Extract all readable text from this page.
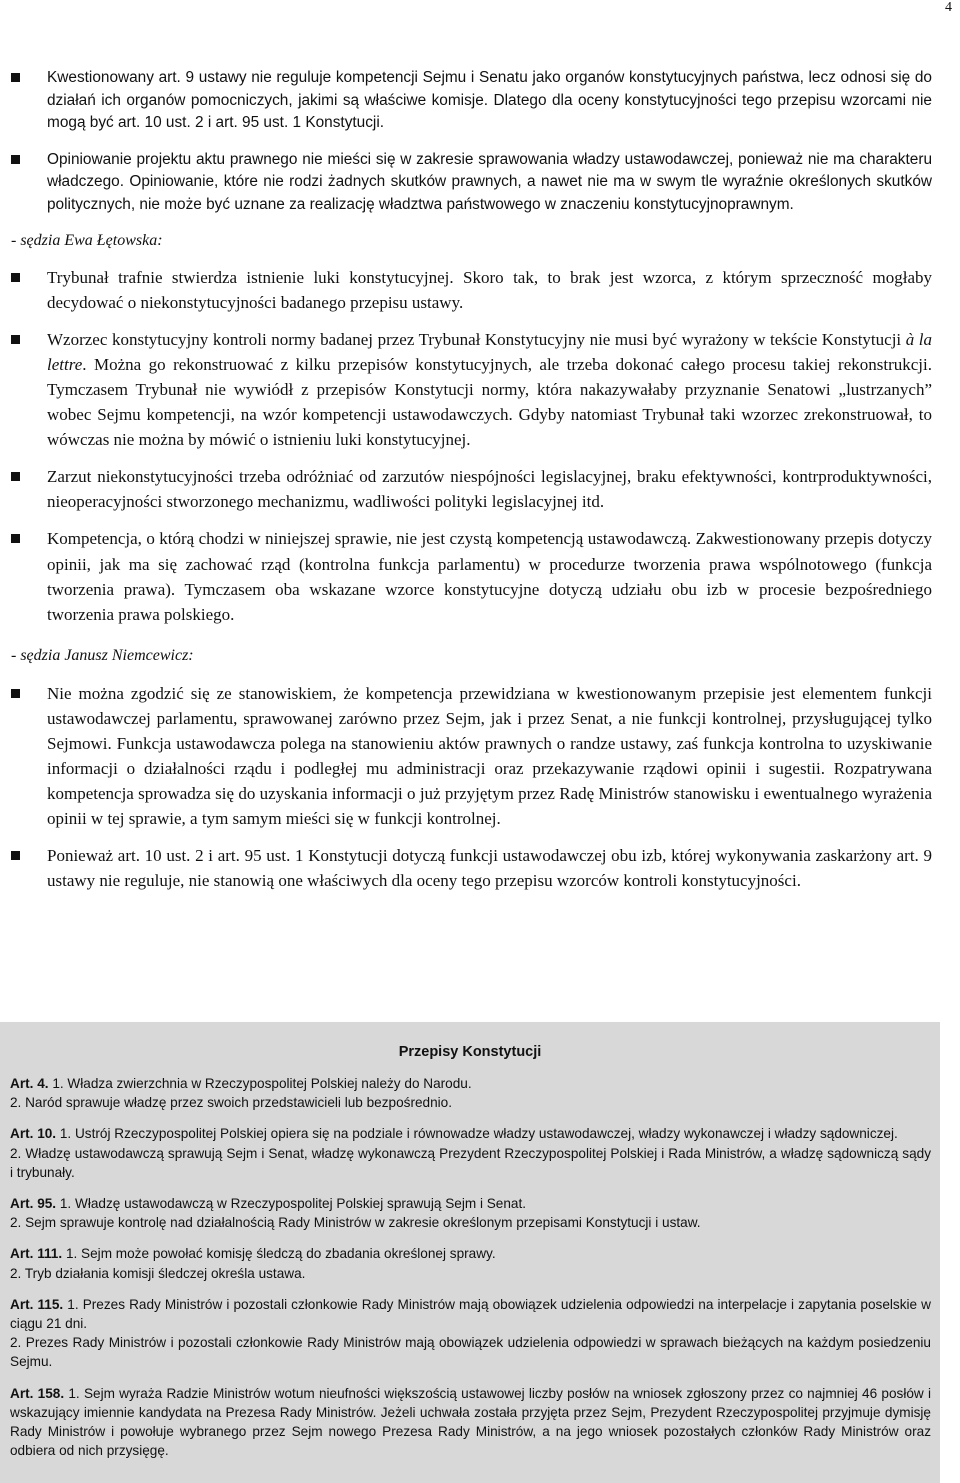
4
Kwestionowany art. 9 ustawy nie reguluje kompetencji Sejmu i Senatu jako organów konstytucyjnych państwa, lecz odnosi się do działań ich organów pomocniczych, jakimi są właściwe komisje. Dlatego dla oceny konstytucyjności tego przepisu wzorcami nie mogą być art. 10 ust. 2 i art. 95 ust. 1 Konstytucji.
Opiniowanie projektu aktu prawnego nie mieści się w zakresie sprawowania władzy ustawodawczej, ponieważ nie ma charakteru władczego. Opiniowanie, które nie rodzi żadnych skutków prawnych, a nawet nie ma w swym tle wyraźnie określonych skutków politycznych, nie może być uznane za realizację władztwa państwowego w znaczeniu konstytucyjnoprawnym.

- sędzia Ewa Łętowska:

Trybunał trafnie stwierdza istnienie luki konstytucyjnej. Skoro tak, to brak jest wzorca, z którym sprzeczność mogłaby decydować o niekonstytucyjności badanego przepisu ustawy.
Wzorzec konstytucyjny kontroli normy badanej przez Trybunał Konstytucyjny nie musi być wyrażony w tekście Konstytucji à la lettre. Można go rekonstruować z kilku przepisów konstytucyjnych, ale trzeba dokonać całego procesu takiej rekonstrukcji. Tymczasem Trybunał nie wywiódł z przepisów Konstytucji normy, która nakazywałaby przyznanie Senatowi „lustrzanych” wobec Sejmu kompetencji, na wzór kompetencji ustawodawczych. Gdyby natomiast Trybunał taki wzorzec zrekonstruował, to wówczas nie można by mówić o istnieniu luki konstytucyjnej.
Zarzut niekonstytucyjności trzeba odróżniać od zarzutów niespójności legislacyjnej, braku efektywności, kontrproduktywności, nieoperacyjności stworzonego mechanizmu, wadliwości polityki legislacyjnej itd.
Kompetencja, o którą chodzi w niniejszej sprawie, nie jest czystą kompetencją ustawodawczą. Zakwestionowany przepis dotyczy opinii, jak ma się zachować rząd (kontrolna funkcja parlamentu) w procedurze tworzenia prawa wspólnotowego (funkcja tworzenia prawa). Tymczasem oba wskazane wzorce konstytucyjne dotyczą udziału obu izb w procesie bezpośredniego tworzenia prawa polskiego.

- sędzia Janusz Niemcewicz:

Nie można zgodzić się ze stanowiskiem, że kompetencja przewidziana w kwestionowanym przepisie jest elementem funkcji ustawodawczej parlamentu, sprawowanej zarówno przez Sejm, jak i przez Senat, a nie funkcji kontrolnej, przysługującej tylko Sejmowi. Funkcja ustawodawcza polega na stanowieniu aktów prawnych o randze ustawy, zaś funkcja kontrolna to uzyskiwanie informacji o działalności rządu i podległej mu administracji oraz przekazywanie rządowi opinii i sugestii. Rozpatrywana kompetencja sprowadza się do uzyskania informacji o już przyjętym przez Radę Ministrów stanowisku i ewentualnego wyrażenia opinii w tej sprawie, a tym samym mieści się w funkcji kontrolnej.
Ponieważ art. 10 ust. 2 i art. 95 ust. 1 Konstytucji dotyczą funkcji ustawodawczej obu izb, której wykonywania zaskarżony art. 9 ustawy nie reguluje, nie stanowią one właściwych dla oceny tego przepisu wzorców kontroli konstytucyjności.
Przepisy Konstytucji

Art. 4. 1. Władza zwierzchnia w Rzeczypospolitej Polskiej należy do Narodu.

2. Naród sprawuje władzę przez swoich przedstawicieli lub bezpośrednio.

Art. 10. 1. Ustrój Rzeczypospolitej Polskiej opiera się na podziale i równowadze władzy ustawodawczej, władzy wykonawczej i władzy sądowniczej.

2. Władzę ustawodawczą sprawują Sejm i Senat, władzę wykonawczą Prezydent Rzeczypospolitej Polskiej i Rada Ministrów, a władzę sądowniczą sądy i trybunały.

Art. 95. 1. Władzę ustawodawczą w Rzeczypospolitej Polskiej sprawują Sejm i Senat.

2. Sejm sprawuje kontrolę nad działalnością Rady Ministrów w zakresie określonym przepisami Konstytucji i ustaw.

Art. 111. 1. Sejm może powołać komisję śledczą do zbadania określonej sprawy.

2. Tryb działania komisji śledczej określa ustawa.

Art. 115. 1. Prezes Rady Ministrów i pozostali członkowie Rady Ministrów mają obowiązek udzielenia odpowiedzi na interpelacje i zapytania poselskie w ciągu 21 dni.

2. Prezes Rady Ministrów i pozostali członkowie Rady Ministrów mają obowiązek udzielenia odpowiedzi w sprawach bieżących na każdym posiedzeniu Sejmu.

Art. 158. 1. Sejm wyraża Radzie Ministrów wotum nieufności większością ustawowej liczby posłów na wniosek zgłoszony przez co najmniej 46 posłów i wskazujący imiennie kandydata na Prezesa Rady Ministrów. Jeżeli uchwała została przyjęta przez Sejm, Prezydent Rzeczypospolitej przyjmuje dymisję Rady Ministrów i powołuje wybranego przez Sejm nowego Prezesa Rady Ministrów, a na jego wniosek pozostałych członków Rady Ministrów oraz odbiera od nich przysięgę.
